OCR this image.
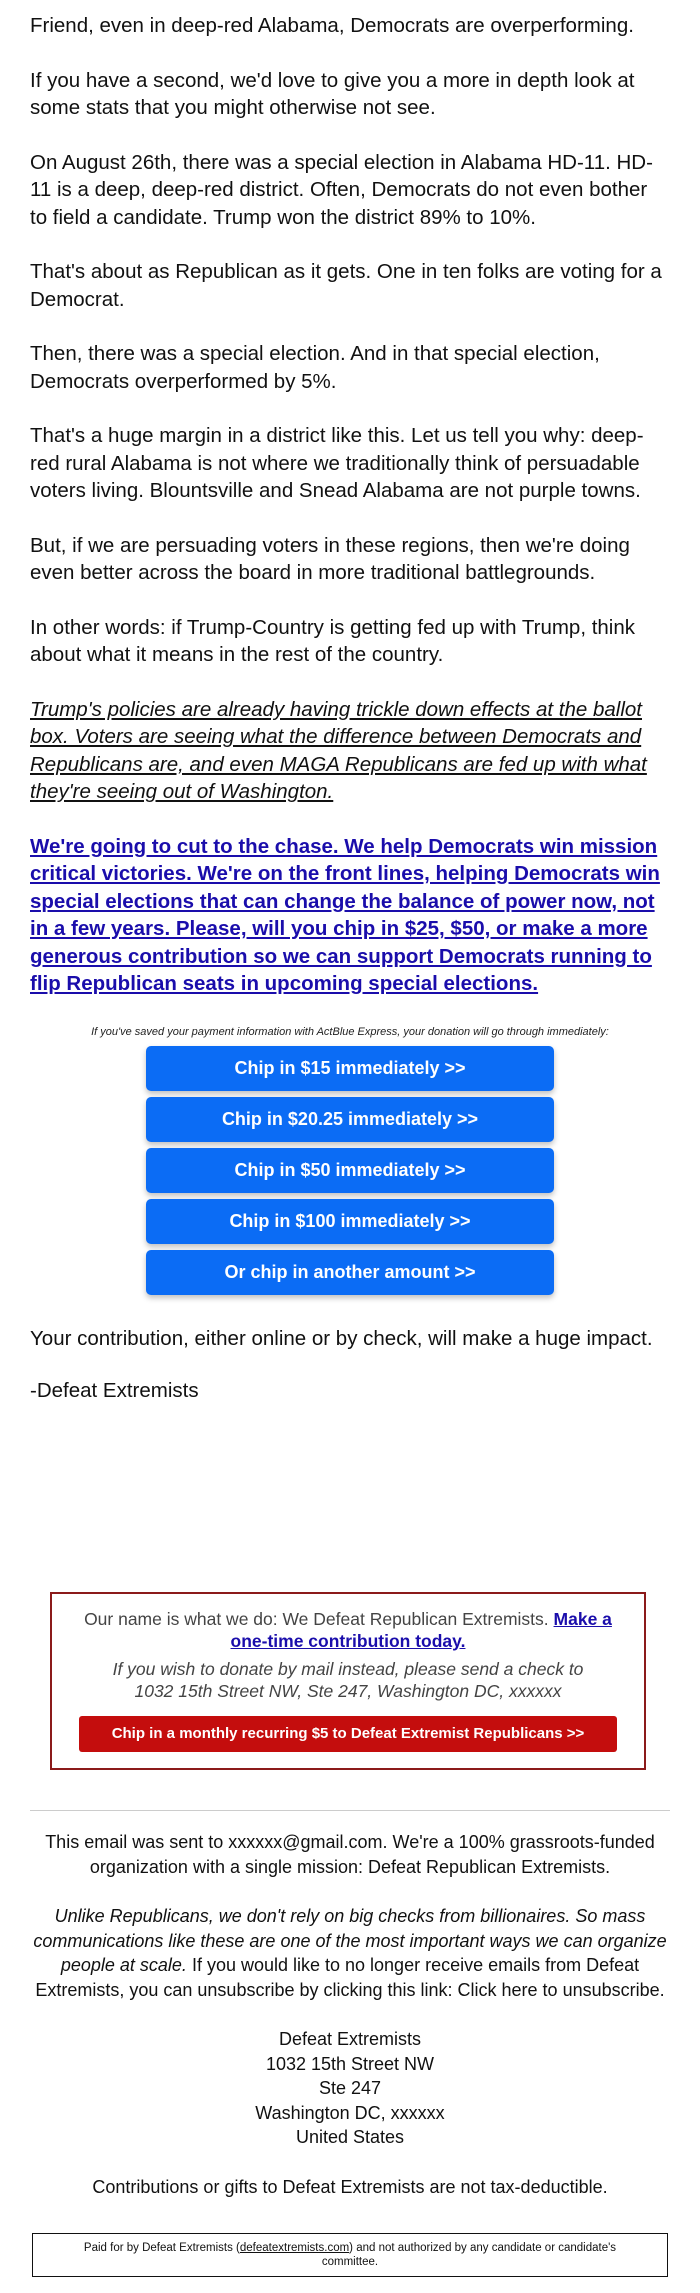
Friend, even in deep-red Alabama, Democrats are overperforming.

If you have a second, we'd love to give you a more in depth look at some stats that you might otherwise not see.

On August 26th, there was a special election in Alabama HD-11. HD-11 is a deep, deep-red district. Often, Democrats do not even bother to field a candidate. Trump won the district 89% to 10%.

That's about as Republican as it gets. One in ten folks are voting for a Democrat.

Then, there was a special election. And in that special election, Democrats overperformed by 5%.

That's a huge margin in a district like this. Let us tell you why: deep-red rural Alabama is not where we traditionally think of persuadable voters living. Blountsville and Snead Alabama are not purple towns.

But, if we are persuading voters in these regions, then we're doing even better across the board in more traditional battlegrounds.

In other words: if Trump-Country is getting fed up with Trump, think about what it means in the rest of the country.

Trump's policies are already having trickle down effects at the ballot box. Voters are seeing what the difference between Democrats and Republicans are, and even MAGA Republicans are fed up with what they're seeing out of Washington.

We're going to cut to the chase. We help Democrats win mission critical victories. We're on the front lines, helping Democrats win special elections that can change the balance of power now, not in a few years. Please, will you chip in $25, $50, or make a more generous contribution so we can support Democrats running to flip Republican seats in upcoming special elections.

If you've saved your payment information with ActBlue Express, your donation will go through immediately:

Chip in $15 immediately >>
Chip in $20.25 immediately >>
Chip in $50 immediately >>
Chip in $100 immediately >>
Or chip in another amount >>

Your contribution, either online or by check, will make a huge impact.

-Defeat Extremists

Our name is what we do: We Defeat Republican Extremists. Make a one-time contribution today.
If you wish to donate by mail instead, please send a check to 1032 15th Street NW, Ste 247, Washington DC, xxxxxx
Chip in a monthly recurring $5 to Defeat Extremist Republicans >>

This email was sent to xxxxxx@gmail.com. We're a 100% grassroots-funded organization with a single mission: Defeat Republican Extremists.

Unlike Republicans, we don't rely on big checks from billionaires. So mass communications like these are one of the most important ways we can organize people at scale. If you would like to no longer receive emails from Defeat Extremists, you can unsubscribe by clicking this link: Click here to unsubscribe.

Defeat Extremists
1032 15th Street NW
Ste 247
Washington DC, xxxxxx
United States

Contributions or gifts to Defeat Extremists are not tax-deductible.

Paid for by Defeat Extremists (defeatextremists.com) and not authorized by any candidate or candidate's committee.
